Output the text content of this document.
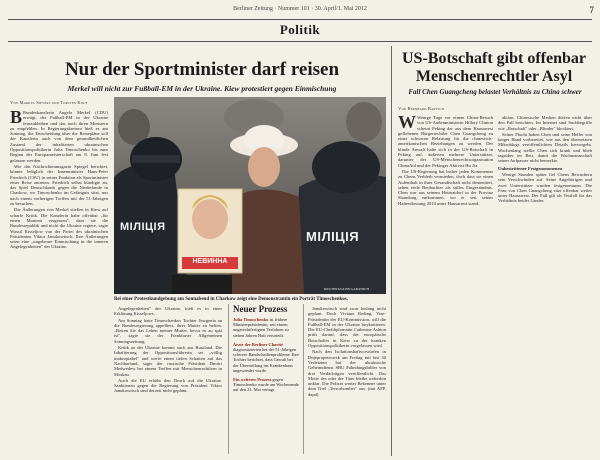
Berliner Zeitung · Nummer 101 · 30. April/1. Mai 2012	7
Politik
Nur der Sportminister darf reisen
Merkel will nicht zur Fußball-EM in der Ukraine. Kiew protestiert gegen Einmischung
Von Markus Sievers und Torsten Knuf

B Bundeskanzlerin Angela Merkel (CDU) erwägt, der Fußball-EM in der Ukraine fernzubleiben und das noch ihren Ministern zu empfehlen. In Regierungskreisen hieß es am Sonntag, die Entscheidung über die Reisepläne soll der Kanzlerin auch von dem gesundheitlichen Zustand der inhaftierten ukrainischen Oppositionspolitikerin Julia Timoschenko bis zum Beginn der Europameisterschaft am 8. Juni fest gelassen werden.

Wie das Nachrichtenmagazin Spiegel berichtet, könnte lediglich der Innenminister Hans-Peter Friedrich (CSU) in seiner Funktion als Sportminister einer Reise antreten. Friedrich selbst kündigte an, das Spiel Deutschlands gegen die Niederlande in Charkow, wo Timoschenko im Gefängnis sitzt, nur nach einem vorherigen Treffen mit der 51-Jährigen zu besuchen.

Die Äußerungen von Merkel stießen in Kiew auf scharfe Kritik. Die Kanzlerin habe offenbar „für einen Moment vergessen", dass sie die Bundesrepublik und nicht die Ukraine regiere, sagte Wassil Kisseljow von der Partei des ukrainischen Präsidenten Viktor Janukowitsch. Ihre Äußerungen seien eine „ungeheure Einmischung in die inneren Angelegenheiten" der Ukraine.

МІЛІЦІЯ
МІЛІЦІЯ
НЕВИННА
REUTERS/GLEB GARANICH
Bei einer Protestkundgebung am Sonnabend in Charkow zeigt eine Demonstrantin ein Porträt Timoschenkos.

Angelegenheiten" der Ukraine, hieß es in einer Erklärung Kisseljows.

Am Sonntag hatte Timoschenkos Tochter Jewgenia an die Bundesregierung appelliert, ihrer Mutter zu helfen. „Retten Sie das Leben meiner Mutter, bevor es zu spät ist", sagte sie der Frankfurter Allgemeinen Sonntagszeitung.

Kritik an der Ukraine kommt auch aus Russland. Die Inhaftierung der Oppositionsführerin sei „völlig inakzeptabel" und werfe einen tiefen Schatten auf das Nachbarland, sagte der russische Präsident Dmitri Medwedew bei einem Treffen mit Menschenrechtlern in Moskau.

Auch die EU erhöht den Druck auf die Ukraine. Sanktionen gegen die Regierung von Präsident Viktor Janukowitsch sind derzeit nicht geplant.

Neuer Prozess
Julia Timoschenko ist frühere Ministerpräsidentin, seit einem ungerechtfertigten Verfahren zu sieben Jahren Haft verurteilt.
Ärzte der Berliner Charité diagnostizierten bei der 51-Jährigen schwere Bandscheibenprobleme. Ihre Tochter berichtet, dass Gewalt bei der Überstellung ins Krankenhaus angewendet wurde.
Ein weiterer Prozess gegen Timoschenko wurde am Wochenende auf den 21. Mai vertagt.

Janukowitsch sind zwar bislang nicht geplant. Doch Viviane Reding, Vize-Präsidentin der EU-Kommission, will die Fußball-EM in der Ukraine boykottieren. Die EU-Chefdiplomatin Catherine Ashton prüft darauf, dass der europäische Botschafter in Kiew zu der kranken Oppositionspolitikerin vorgelassen wird.

Nach den Isolationshaftvorwürfen in Dnjepropetrowsk am Freitag mit fast 30 Verletzten hat der ukrainische Geheimdienst SBU Fahndungsbilder von drei Verdächtigen veröffentlicht. Das Motiv des oder der Täter bleibe weiterhin unklar. Die Polizei wertet Bekenner unter dem Titel „Terrorbomber" aus. (mit AFP, dapd)

US-Botschaft gibt offenbar Menschenrechtler Asyl
Fall Chen Guangcheng belastet Verhältnis zu China schwer
Von Bernhard Bartsch

W Wenige Tage vor einem China-Besuch von US-Außenministerin Hillary Clinton scheint Peking der aus dem Hausarrest geflohenen Bürgerrechtler Chen Guangcheng zu einer schweren Belastung für die chinesisch-amerikanischen Beziehungen zu werden. Der blinde Anwalt halte sich in der US-Botschaft in Peking auf, äußerten mehrere Unterstützer, darunter der US-Menschenrechtsorganisation ChinaAid und der Pekinger Aktivist Hu Jia.

Die US-Regierung hat bisher jeden Kommentar zu Chens Verbleib vermieden, doch dass sie einen Aufenthalt in ihrer Gesandtschaft nicht dementiert, sehen viele Beobachter als stilles Eingeständnis. Chen war aus seinem Heimatdorf in der Provinz Shandong entkommen, wo er seit seiner Haftentlassung 2010 unter Hausarrest stand.

aktion. Chinesische Medien dürfen nicht über den Fall berichten. Im Internet sind Suchbegriffe wie „Botschaft" oder „Blinder" blockiert.

Seiner Flucht haben Chen und seine Helfer von langer Hand vorbereitet, wie aus den übersetzten Mikroblogs veröffentlichten Details hervorgeht. Wochenlang stellte Chen sich krank und blieb tagsüber im Bett, damit die Wachmannschaft seiner Aufpasser nicht bemerkte.

Unbestrittener Festgenommenen

Wenige Stunden später fiel Chens Bewachern sein Verschwinden auf. Seine Angehörigen und zwei Unterstützer wurden festgenommen. Die Frau von Chen Guangcheng sitzt offenbar weiter unter Hausarrest. Der Fall gilt als Testfall für das Verhältnis beider Länder.
